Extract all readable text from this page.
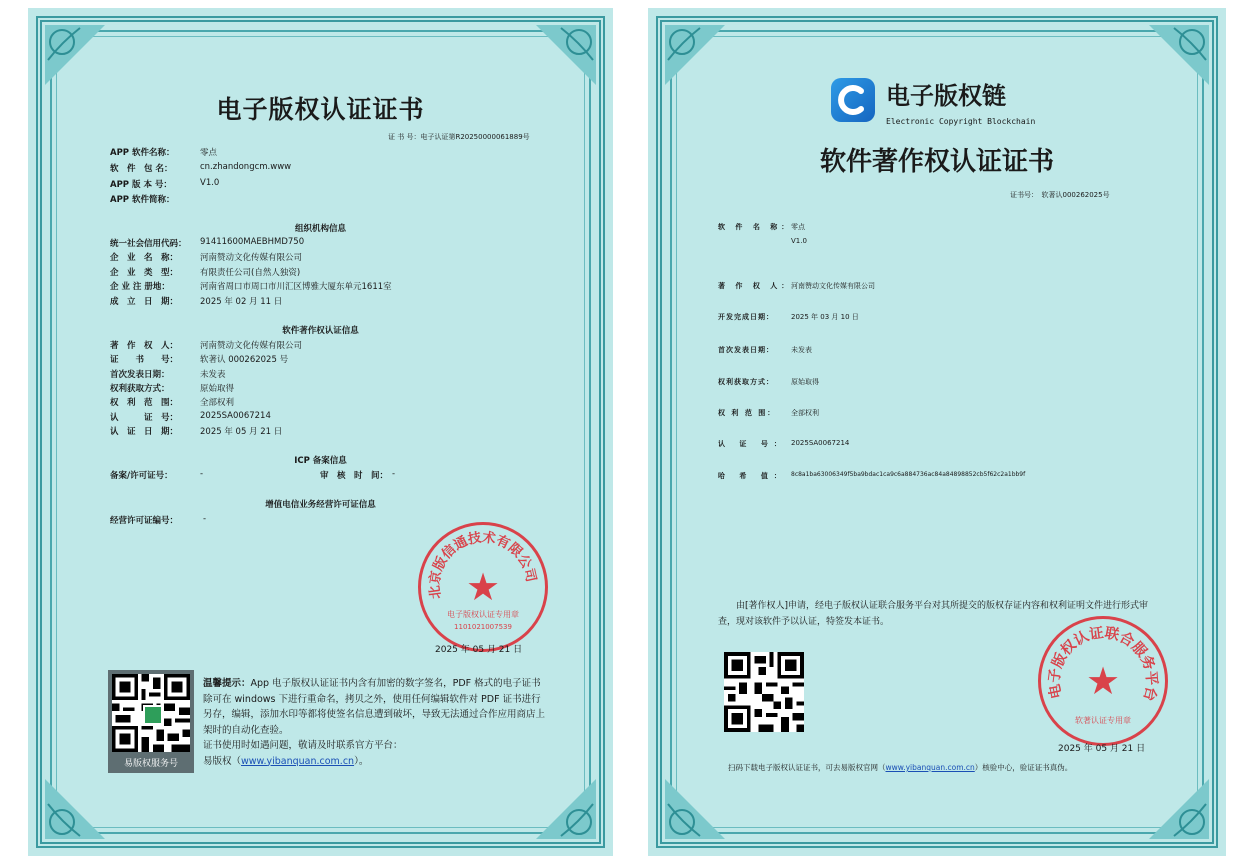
电子版权认证证书
证 书 号：电子认证第R20250000061889号
APP 软件名称：	零点
软　件　包 名：	cn.zhandongcm.www
APP 版 本 号：	V1.0
APP 软件简称：
组织机构信息
统一社会信用代码： 91411600MAEBHMD750
企　业　名　称：	河南赞动文化传媒有限公司
企　业　类　型：	有限责任公司(自然人独资)
企 业 注 册地：	河南省周口市周口市川汇区博雅大厦东单元1611室
成　立　日　期：	2025 年 02 月 11 日
软件著作权认证信息
著　作　权　人：	河南赞动文化传媒有限公司
证　　书　　号：	软著认 000262025 号
首次发表日期：	未发表
权利获取方式：	原始取得
权　利　范　围：	全部权利
认　　　证　号：	2025SA0067214
认　证　日　期：	2025 年 05 月 21 日
ICP 备案信息
备案/许可证号：	-	审　核　时　间： -
增值电信业务经营许可证信息
经营许可证编号：	-
北京版信通技术有限公司
★
电子版权认证专用章
1101021007539
2025 年 05 月 21 日
易版权服务号
温馨提示：App 电子版权认证证书内含有加密的数字签名，PDF 格式的电子证书除可在 windows 下进行重命名，拷贝之外，使用任何编辑软件对 PDF 证书进行另存，编辑，添加水印等都将使签名信息遭到破坏，导致无法通过合作应用商店上架时的自动化查验。
证书使用时如遇问题，敬请及时联系官方平台：
易版权（www.yibanquan.com.cn）。
电子版权链
Electronic Copyright Blockchain
软件著作权认证证书
证书号：　软著认000262025号
软 件 名 称：
零点
V1.0
著 作 权 人：
河南赞动文化传媒有限公司
开发完成日期： 2025 年 03 月 10 日
首次发表日期： 未发表
权利获取方式： 原始取得
权 利 范 围： 全部权利
认 证 号： 2025SA0067214
哈 希 值： 8c8a1ba63006349f5ba9bdac1ca9c6a884736ac84a84898852cb5f62c2a1bb9f
由[著作权人]申请，经电子版权认证联合服务平台对其所提交的版权存证内容和权利证明文件进行形式审查，现对该软件予以认证，特签发本证书。
电子版权认证联合服务平台
★
软著认证专用章
2025 年 05 月 21 日
扫码下载电子版权认证证书，可去易版权官网（www.yibanquan.com.cn）核验中心，验证证书真伪。
